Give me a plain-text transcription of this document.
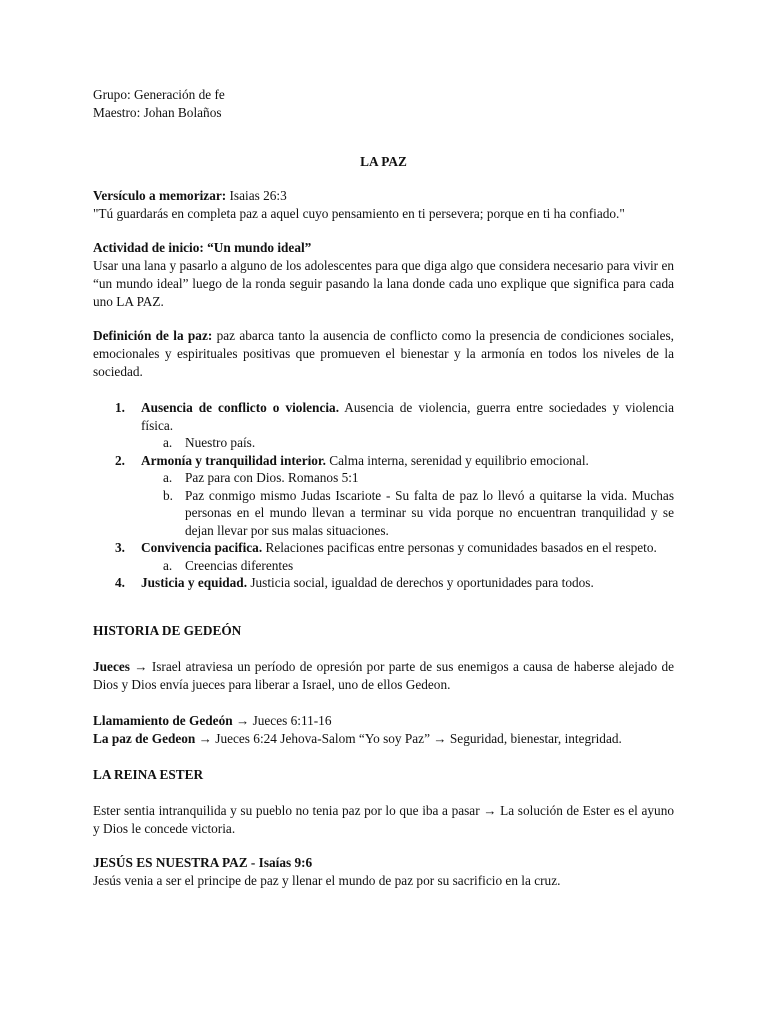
Grupo: Generación de fe

Maestro: Johan Bolaños

LA PAZ

Versículo a memorizar: Isaias 26:3

"Tú guardarás en completa paz a aquel cuyo pensamiento en ti persevera; porque en ti ha confiado."

Actividad de inicio: “Un mundo ideal”

Usar una lana y pasarlo a alguno de los adolescentes para que diga algo que considera necesario para vivir en “un mundo ideal” luego de la ronda seguir pasando la lana donde cada uno explique que significa para cada uno LA PAZ.

Definición de la paz: paz abarca tanto la ausencia de conflicto como la presencia de condiciones sociales, emocionales y espirituales positivas que promueven el bienestar y la armonía en todos los niveles de la sociedad.

1. Ausencia de conflicto o violencia. Ausencia de violencia, guerra entre sociedades y violencia física.
a. Nuestro país.
2. Armonía y tranquilidad interior. Calma interna, serenidad y equilibrio emocional.
a. Paz para con Dios. Romanos 5:1
b. Paz conmigo mismo Judas Iscariote - Su falta de paz lo llevó a quitarse la vida. Muchas personas en el mundo llevan a terminar su vida porque no encuentran tranquilidad y se dejan llevar por sus malas situaciones.
3. Convivencia pacifica. Relaciones pacificas entre personas y comunidades basados en el respeto.
a. Creencias diferentes
4. Justicia y equidad. Justicia social, igualdad de derechos y oportunidades para todos.

HISTORIA DE GEDEÓN

Jueces → Israel atraviesa un período de opresión por parte de sus enemigos a causa de haberse alejado de Dios y Dios envía jueces para liberar a Israel, uno de ellos Gedeon.

Llamamiento de Gedeón → Jueces 6:11-16

La paz de Gedeon → Jueces 6:24 Jehova-Salom “Yo soy Paz” → Seguridad, bienestar, integridad.

LA REINA ESTER

Ester sentia intranquilida y su pueblo no tenia paz por lo que iba a pasar → La solución de Ester es el ayuno y Dios le concede victoria.

JESÚS ES NUESTRA PAZ - Isaías 9:6

Jesús venia a ser el principe de paz y llenar el mundo de paz por su sacrificio en la cruz.
